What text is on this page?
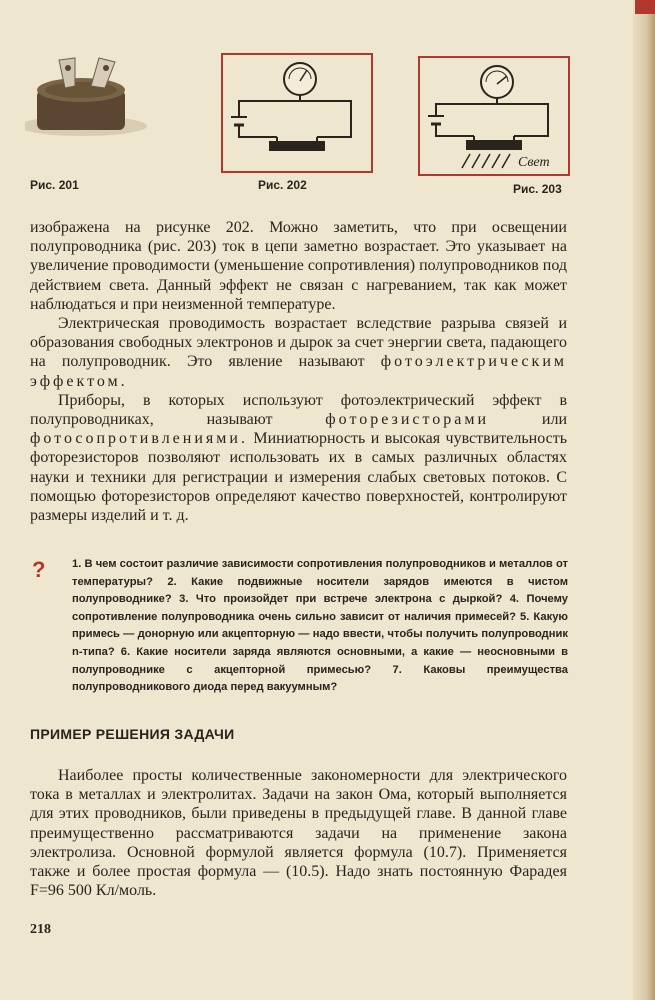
Рис. 201	Рис. 202
Свет
Рис. 203

изображена на рисунке 202. Можно заметить, что при освещении полупроводника (рис. 203) ток в цепи заметно возрастает. Это указывает на увеличение проводимости (уменьшение сопротивления) полупроводников под действием света. Данный эффект не связан с нагреванием, так как может наблюдаться и при неизменной температуре.

Электрическая проводимость возрастает вследствие разрыва связей и образования свободных электронов и дырок за счет энергии света, падающего на полупроводник. Это явление называют фотоэлектрическим эффектом.

Приборы, в которых используют фотоэлектрический эффект в полупроводниках, называют	фоторезисторами	или фотосопротивлениями. Миниатюрность и высокая чувствительность фоторезисторов позволяют использовать их в самых различных областях науки и техники для регистрации и измерения слабых световых потоков. С помощью фоторезисторов определяют качество поверхностей, контролируют размеры изделий и т. д.

? 1. В чем состоит различие зависимости сопротивления полупроводников и металлов от температуры? 2. Какие подвижные носители зарядов имеются в чистом полупроводнике? 3. Что произойдет при встрече электрона с дыркой? 4. Почему сопротивление полупроводника очень сильно зависит от наличия примесей? 5. Какую примесь — донорную или акцепторную — надо ввести, чтобы получить полупроводник n-типа? 6. Какие носители заряда являются основными, а какие — неосновными в полупроводнике с акцепторной примесью? 7. Каковы преимущества полупроводникового диода перед вакуумным?
ПРИМЕР РЕШЕНИЯ ЗАДАЧИ

Наиболее просты количественные закономерности для электрического тока в металлах и электролитах. Задачи на закон Ома, который выполняется для этих проводников, были приведены в предыдущей главе. В данной главе преимущественно рассматриваются задачи на применение закона электролиза. Основной формулой является формула (10.7). Применяется также и более простая формула — (10.5). Надо знать постоянную Фарадея F=96 500 Кл/моль.

218
